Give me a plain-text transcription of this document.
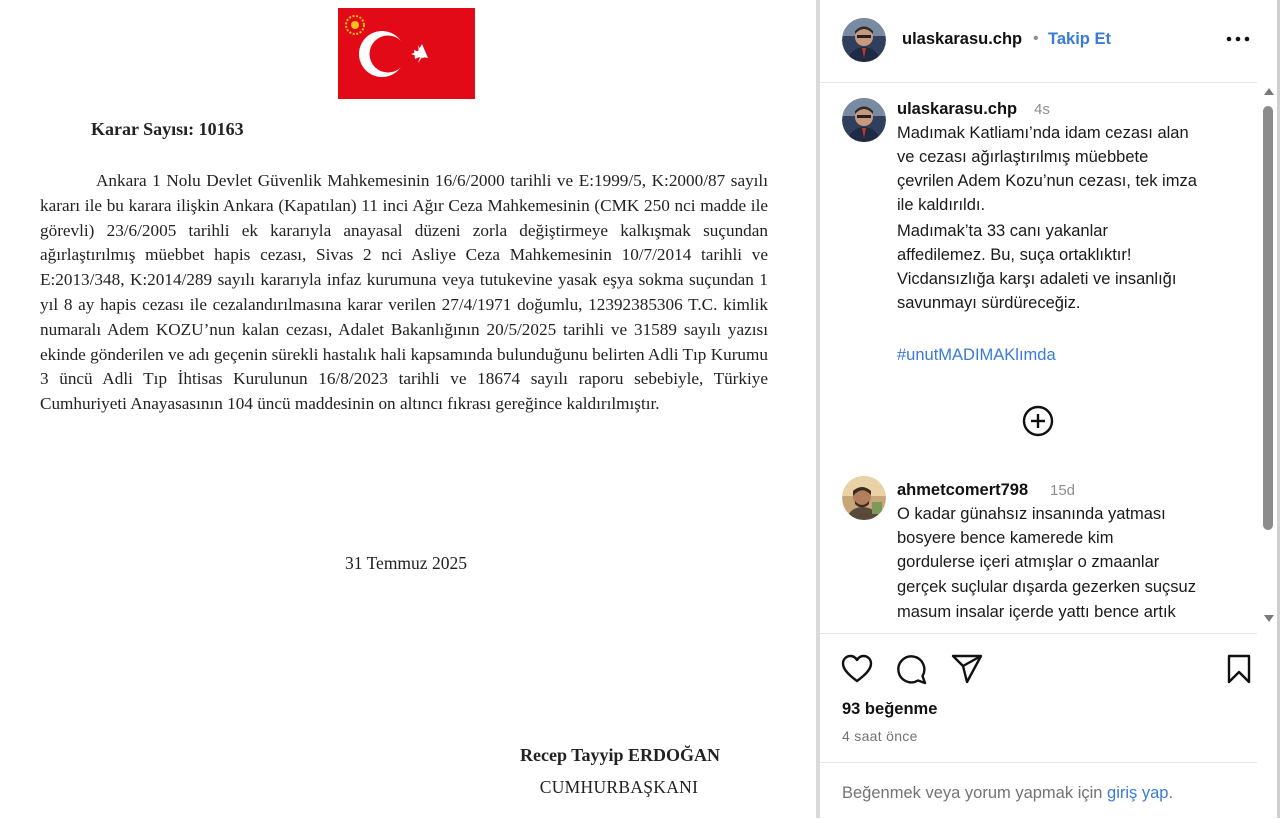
Karar Sayısı: 10163
Ankara 1 Nolu Devlet Güvenlik Mahkemesinin 16/6/2000 tarihli ve E:1999/5, K:2000/87 sayılı kararı ile bu karara ilişkin Ankara (Kapatılan) 11 inci Ağır Ceza Mahkemesinin (CMK 250 nci madde ile görevli) 23/6/2005 tarihli ek kararıyla anayasal düzeni zorla değiştirmeye kalkışmak suçundan ağırlaştırılmış müebbet hapis cezası, Sivas 2 nci Asliye Ceza Mahkemesinin 10/7/2014 tarihli ve E:2013/348, K:2014/289 sayılı kararıyla infaz kurumuna veya tutukevine yasak eşya sokma suçundan 1 yıl 8 ay hapis cezası ile cezalandırılmasına karar verilen 27/4/1971 doğumlu, 12392385306 T.C. kimlik numaralı Adem KOZU’nun kalan cezası, Adalet Bakanlığının 20/5/2025 tarihli ve 31589 sayılı yazısı ekinde gönderilen ve adı geçenin sürekli hastalık hali kapsamında bulunduğunu belirten Adli Tıp Kurumu 3 üncü Adli Tıp İhtisas Kurulunun 16/8/2023 tarihli ve 18674 sayılı raporu sebebiyle, Türkiye Cumhuriyeti Anayasasının 104 üncü maddesinin on altıncı fıkrası gereğince kaldırılmıştır.
31 Temmuz 2025
Recep Tayyip ERDOĞAN
CUMHURBAŞKANI
ulaskarasu.chp • Takip Et
ulaskarasu.chp 4s
Madımak Katliamı’nda idam cezası alan
ve cezası ağırlaştırılmış müebbete
çevrilen Adem Kozu’nun cezası, tek imza
ile kaldırıldı.
Madımak’ta 33 canı yakanlar
affedilemez. Bu, suça ortaklıktır!
Vicdansızlığa karşı adaleti ve insanlığı
savunmayı sürdüreceğiz.
#unutMADIMAKlımda
ahmetcomert798 15d
O kadar günahsız insanında yatması
bosyere bence kamerede kim
gordulerse içeri atmışlar o zmaanlar
gerçek suçlular dışarda gezerken suçsuz
masum insalar içerde yattı bence artık
93 beğenme
4 saat önce
Beğenmek veya yorum yapmak için giriş yap.
